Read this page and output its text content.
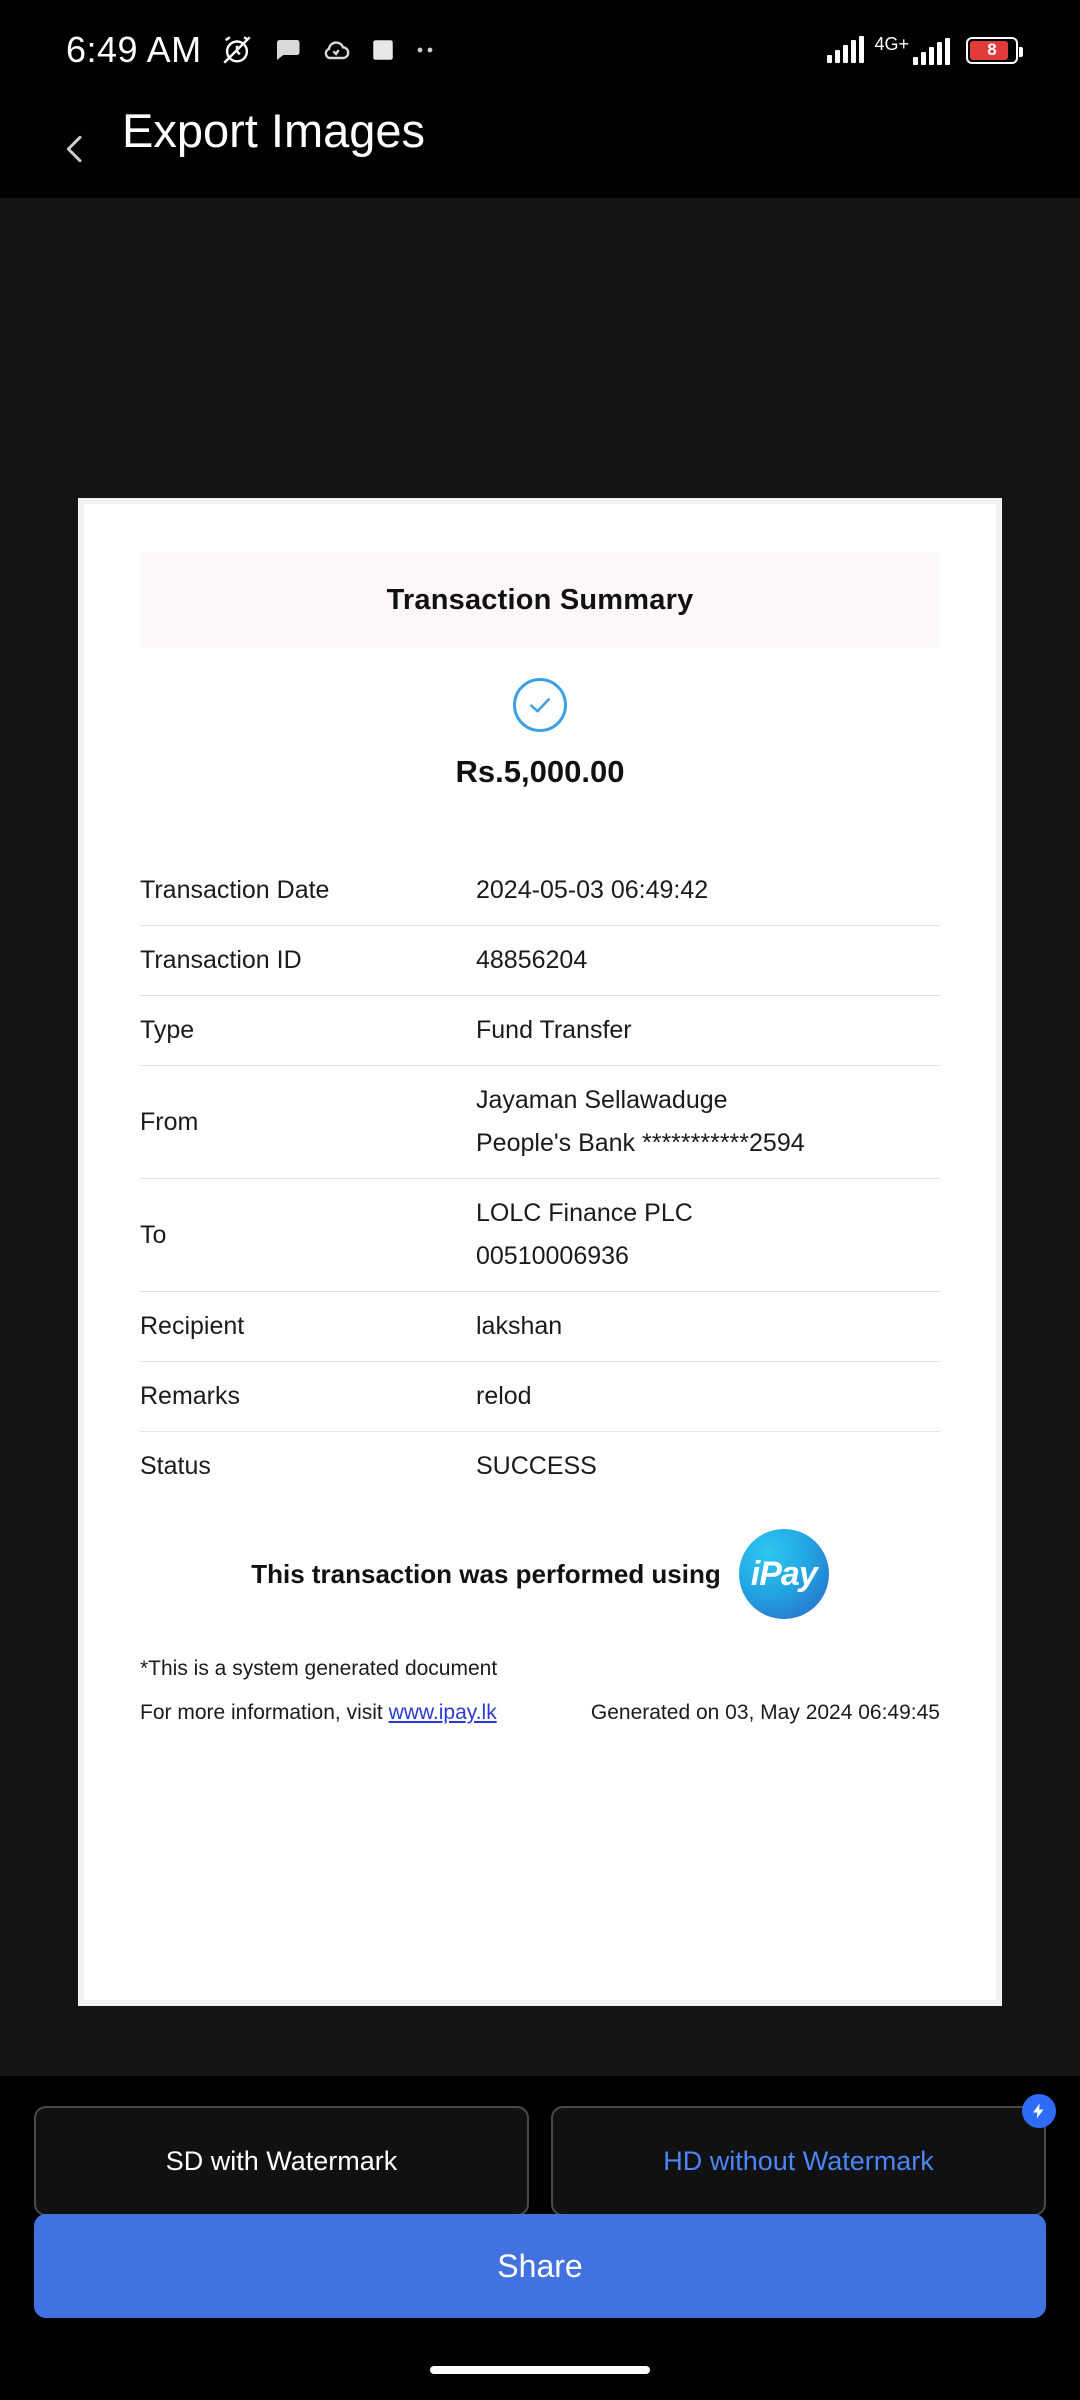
6:49 AM	4G+	8
Export Images
Transaction Summary
Rs.5,000.00
Transaction Date	2024-05-03 06:49:42
Transaction ID	48856204
Type	Fund Transfer
From	Jayaman Sellawaduge
People's Bank ***********2594

To	LOLC Finance PLC
00510006936

Recipient	lakshan
Remarks	relod
Status	SUCCESS
This transaction was performed using iPay
*This is a system generated document
For more information, visit www.ipay.lk	Generated on 03, May 2024 06:49:45
SD with Watermark	HD without Watermark
Share
